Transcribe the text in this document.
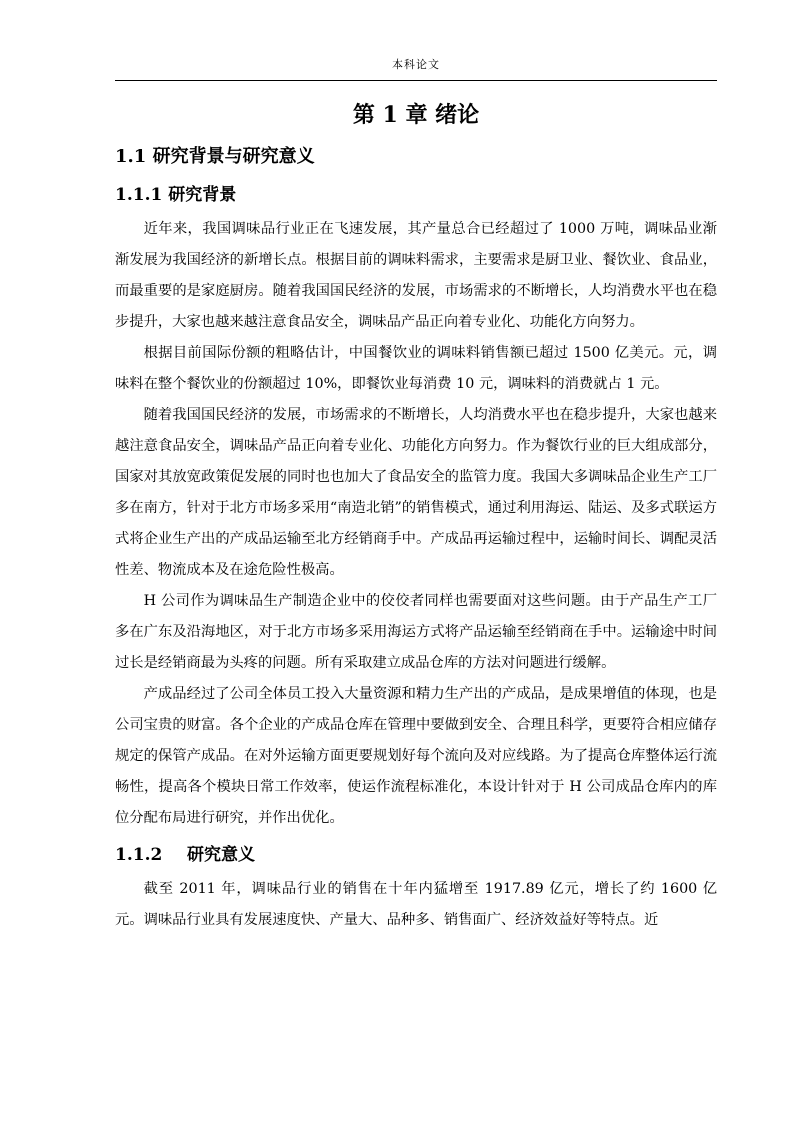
本科论文
第 1 章 绪论
1.1 研究背景与研究意义
1.1.1 研究背景

近年来，我国调味品行业正在飞速发展，其产量总合已经超过了 1000 万吨，调味品业渐渐发展为我国经济的新增长点。根据目前的调味料需求，主要需求是厨卫业、餐饮业、食品业，而最重要的是家庭厨房。随着我国国民经济的发展，市场需求的不断增长，人均消费水平也在稳步提升，大家也越来越注意食品安全，调味品产品正向着专业化、功能化方向努力。

根据目前国际份额的粗略估计，中国餐饮业的调味料销售额已超过 1500 亿美元。元，调味料在整个餐饮业的份额超过 10%，即餐饮业每消费 10 元，调味料的消费就占 1 元。

随着我国国民经济的发展，市场需求的不断增长，人均消费水平也在稳步提升，大家也越来越注意食品安全，调味品产品正向着专业化、功能化方向努力。作为餐饮行业的巨大组成部分，国家对其放宽政策促发展的同时也也加大了食品安全的监管力度。我国大多调味品企业生产工厂多在南方，针对于北方市场多采用“南造北销”的销售模式，通过利用海运、陆运、及多式联运方式将企业生产出的产成品运输至北方经销商手中。产成品再运输过程中，运输时间长、调配灵活性差、物流成本及在途危险性极高。

H 公司作为调味品生产制造企业中的佼佼者同样也需要面对这些问题。由于产品生产工厂多在广东及沿海地区，对于北方市场多采用海运方式将产品运输至经销商在手中。运输途中时间过长是经销商最为头疼的问题。所有采取建立成品仓库的方法对问题进行缓解。

产成品经过了公司全体员工投入大量资源和精力生产出的产成品，是成果增值的体现，也是公司宝贵的财富。各个企业的产成品仓库在管理中要做到安全、合理且科学，更要符合相应储存规定的保管产成品。在对外运输方面更要规划好每个流向及对应线路。为了提高仓库整体运行流畅性，提高各个模块日常工作效率，使运作流程标准化，本设计针对于 H 公司成品仓库内的库位分配布局进行研究，并作出优化。

1.1.2 研究意义

截至 2011 年，调味品行业的销售在十年内猛增至 1917.89 亿元，增长了约 1600 亿元。调味品行业具有发展速度快、产量大、品种多、销售面广、经济效益好等特点。近
